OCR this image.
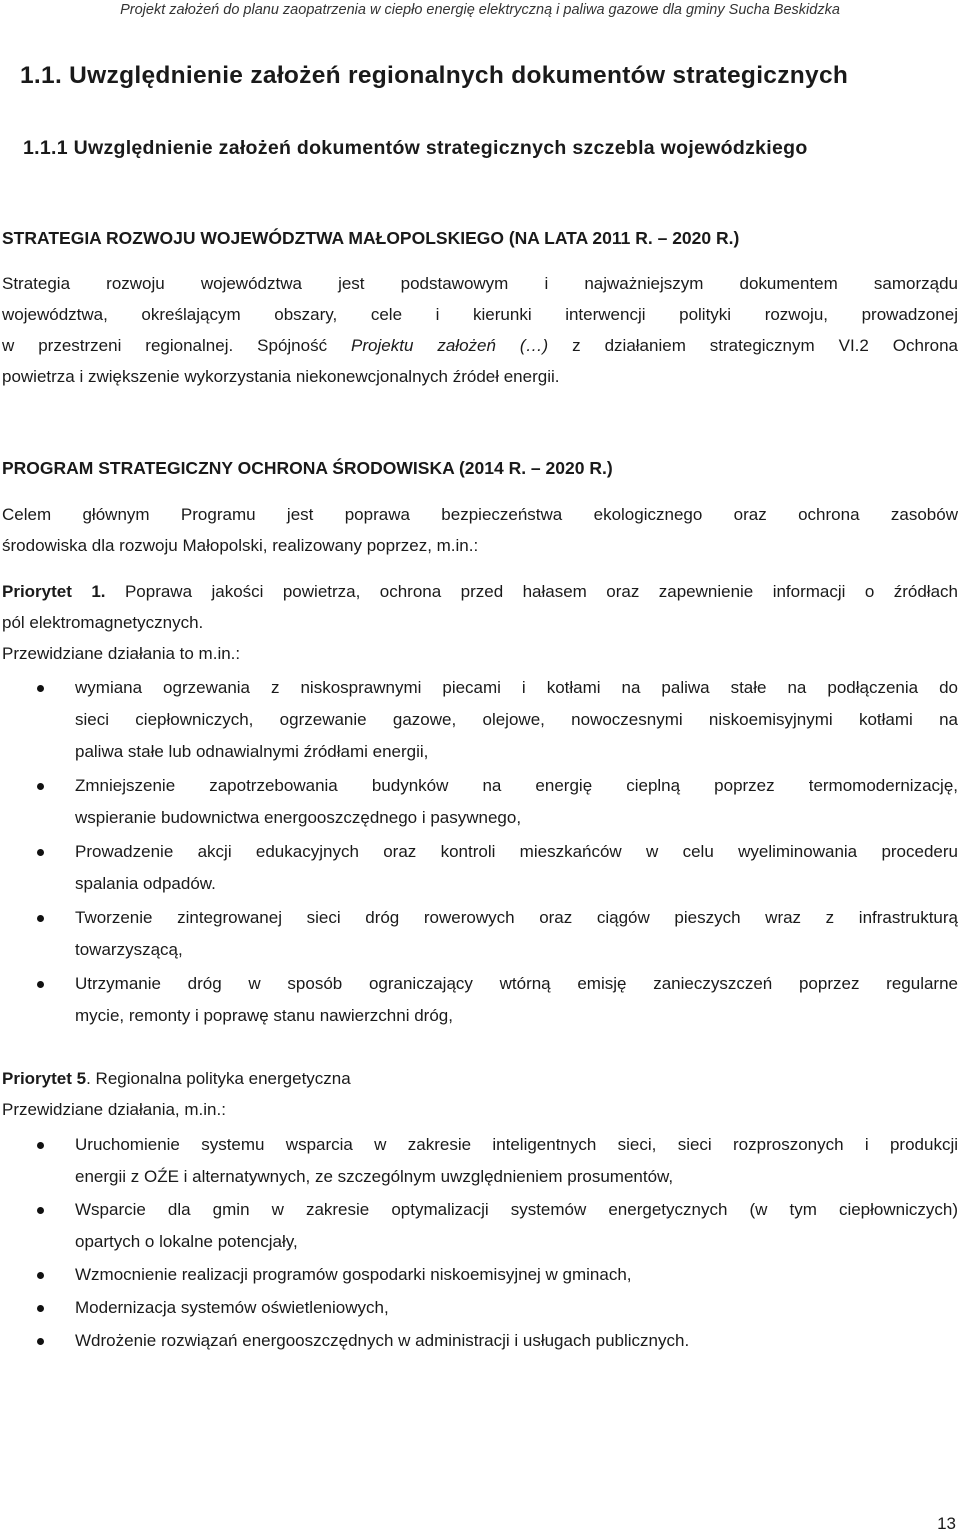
Projekt założeń do planu zaopatrzenia w ciepło energię elektryczną i paliwa gazowe dla gminy Sucha Beskidzka
1.1. Uwzględnienie założeń regionalnych dokumentów strategicznych
1.1.1 Uwzględnienie założeń dokumentów strategicznych szczebla wojewódzkiego
STRATEGIA ROZWOJU WOJEWÓDZTWA MAŁOPOLSKIEGO (NA LATA 2011 R. – 2020 R.)
Strategia rozwoju województwa jest podstawowym i najważniejszym dokumentem samorządu
województwa, określającym obszary, cele i kierunki interwencji polityki rozwoju, prowadzonej
w przestrzeni regionalnej. Spójność Projektu założeń (…) z działaniem strategicznym VI.2 Ochrona
powietrza i zwiększenie wykorzystania niekonewcjonalnych źródeł energii.
PROGRAM STRATEGICZNY OCHRONA ŚRODOWISKA (2014 R. – 2020 R.)
Celem głównym Programu jest poprawa bezpieczeństwa ekologicznego oraz ochrona zasobów
środowiska dla rozwoju Małopolski, realizowany poprzez, m.in.:
Priorytet 1. Poprawa jakości powietrza, ochrona przed hałasem oraz zapewnienie informacji o źródłach
pól elektromagnetycznych.
Przewidziane działania to m.in.:
wymiana ogrzewania z niskosprawnymi piecami i kotłami na paliwa stałe na podłączenia do
sieci ciepłowniczych, ogrzewanie gazowe, olejowe, nowoczesnymi niskoemisyjnymi kotłami na
paliwa stałe lub odnawialnymi źródłami energii,
Zmniejszenie zapotrzebowania budynków na energię cieplną poprzez termomodernizację,
wspieranie budownictwa energooszczędnego i pasywnego,
Prowadzenie akcji edukacyjnych oraz kontroli mieszkańców w celu wyeliminowania procederu
spalania odpadów.
Tworzenie zintegrowanej sieci dróg rowerowych oraz ciągów pieszych wraz z infrastrukturą
towarzyszącą,
Utrzymanie dróg w sposób ograniczający wtórną emisję zanieczyszczeń poprzez regularne
mycie, remonty i poprawę stanu nawierzchni dróg,
Priorytet 5. Regionalna polityka energetyczna
Przewidziane działania, m.in.:
Uruchomienie systemu wsparcia w zakresie inteligentnych sieci, sieci rozproszonych i produkcji
energii z OŹE i alternatywnych, ze szczególnym uwzględnieniem prosumentów,
Wsparcie dla gmin w zakresie optymalizacji systemów energetycznych (w tym ciepłowniczych)
opartych o lokalne potencjały,
Wzmocnienie realizacji programów gospodarki niskoemisyjnej w gminach,
Modernizacja systemów oświetleniowych,
Wdrożenie rozwiązań energooszczędnych w administracji i usługach publicznych.
13
